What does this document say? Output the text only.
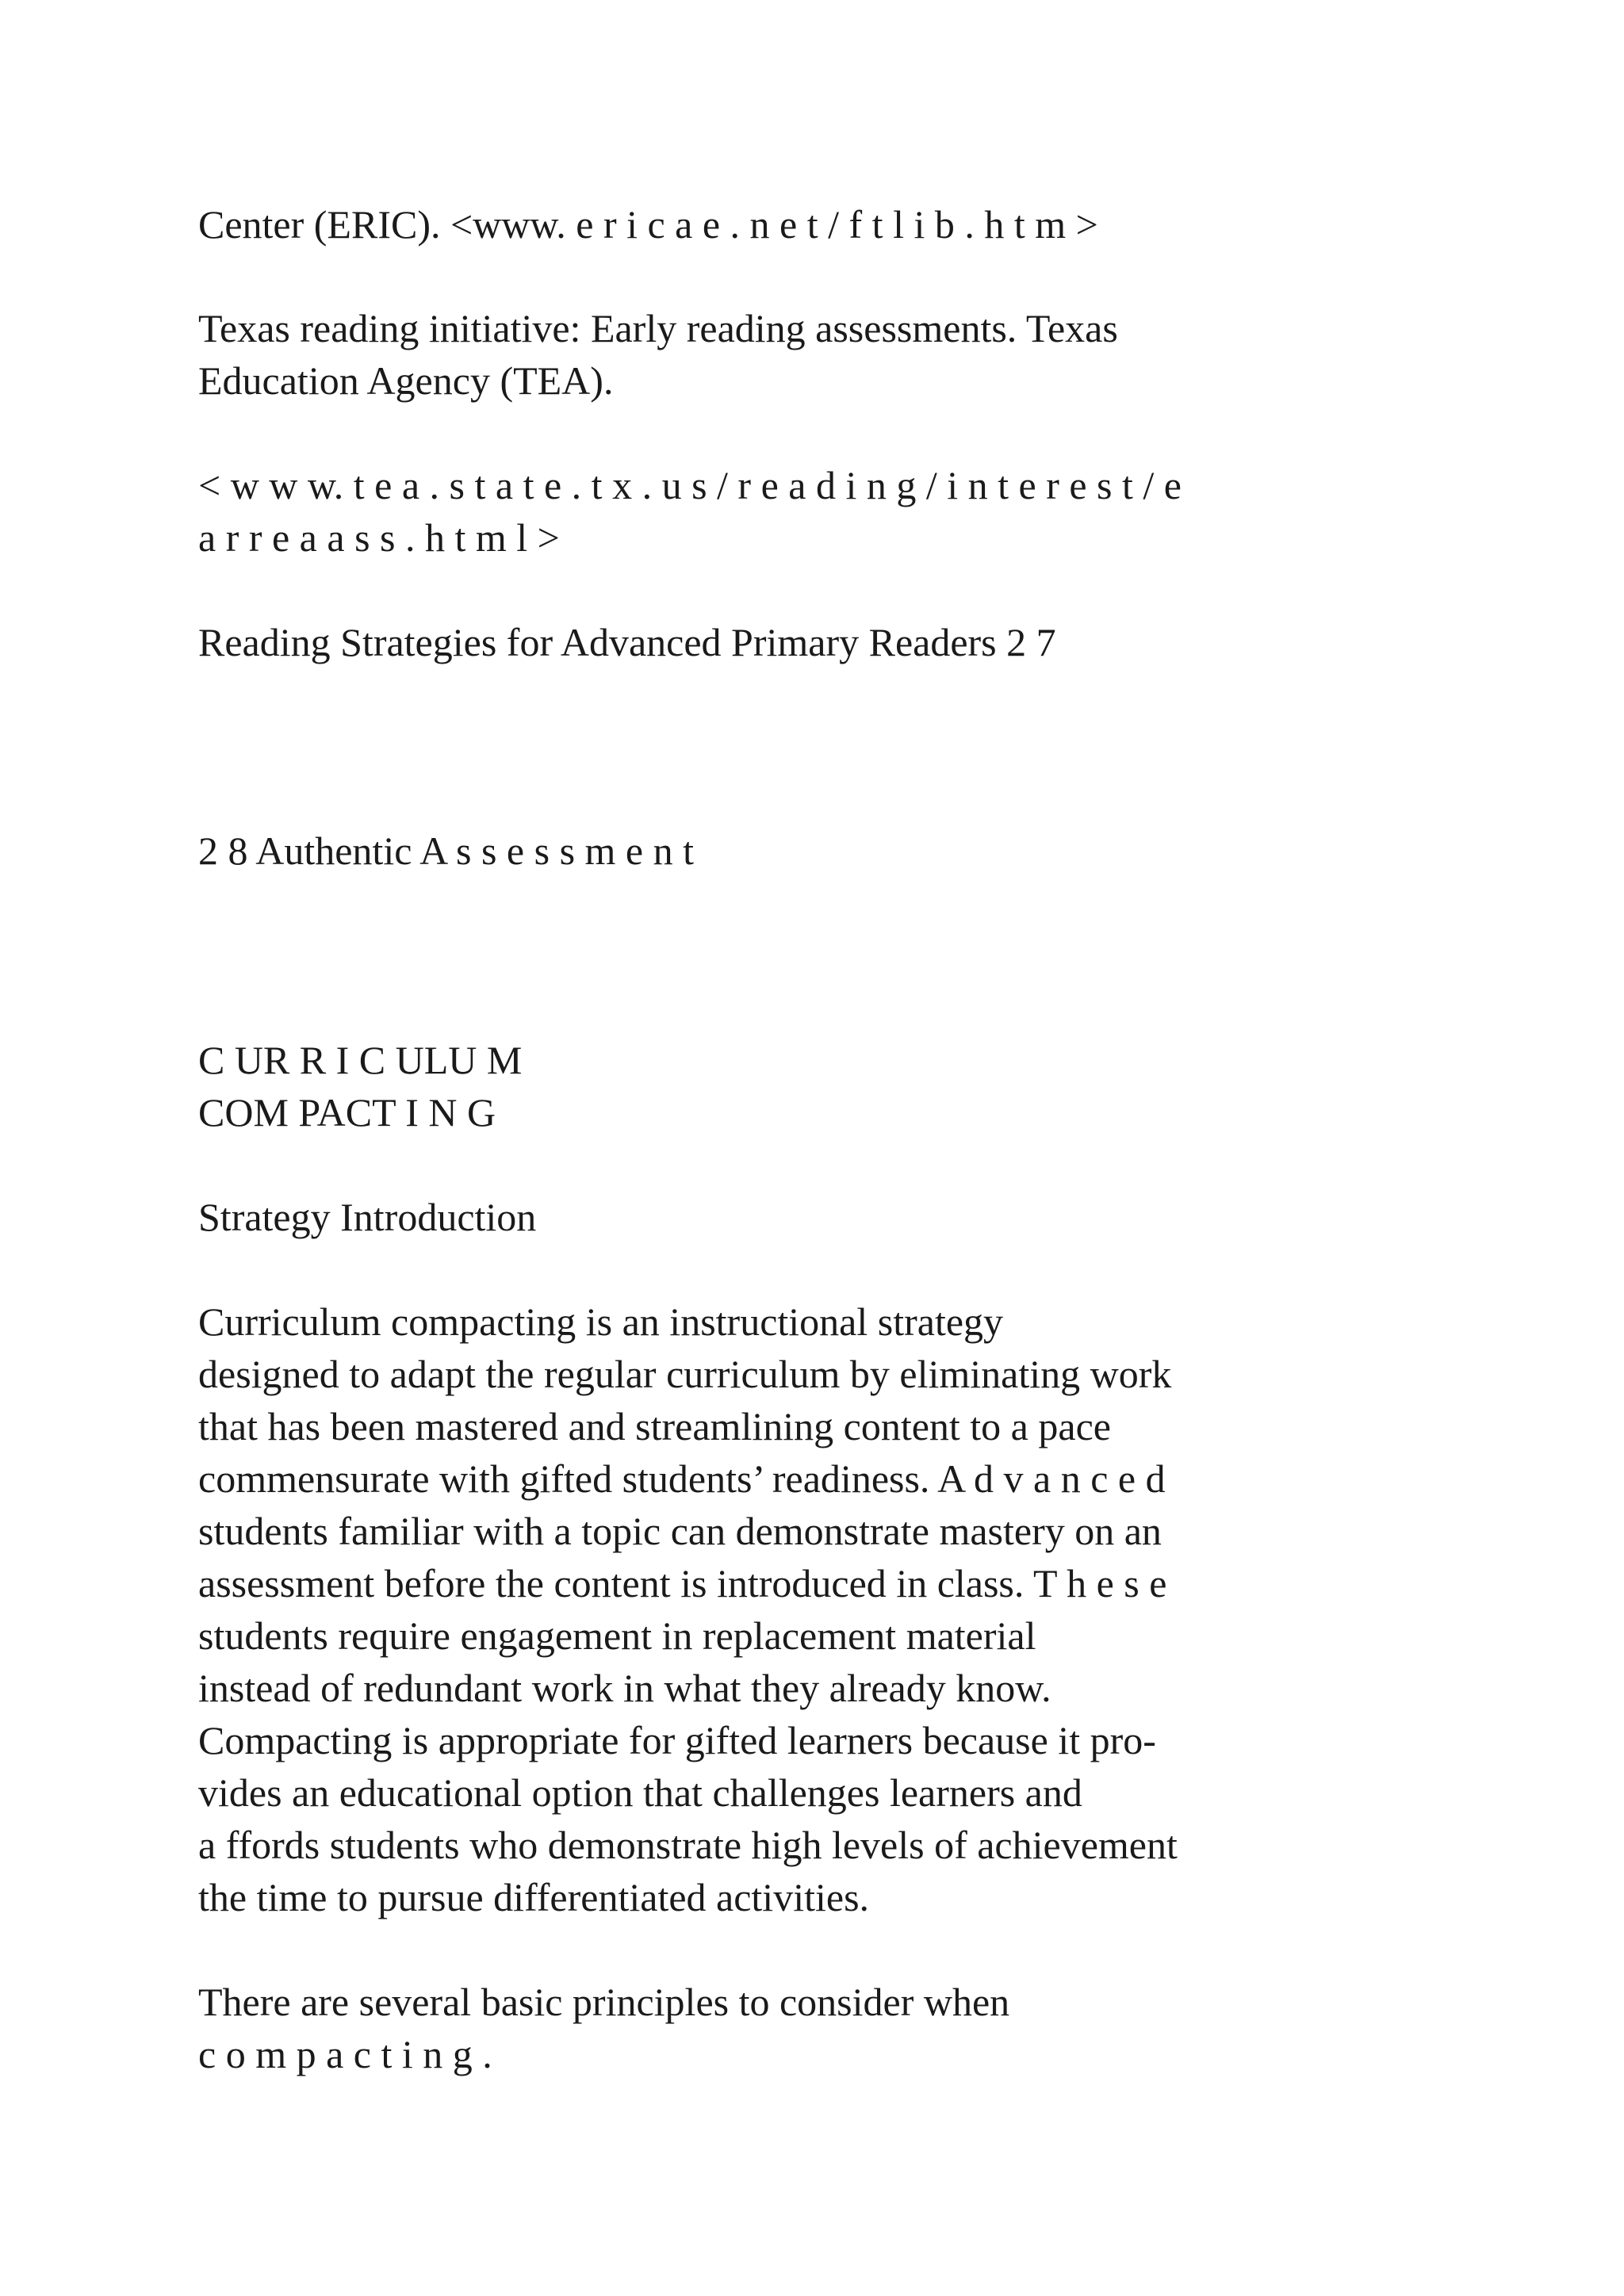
Center (ERIC). <www. e r i c a e . n e t / f t l i b . h t m >

Texas reading initiative: Early reading assessments. Texas

Education Agency (TEA).

< w w w. t e a . s t a t e . t x . u s / r e a d i n g / i n t e r e s t / e

a r r e a a s s . h t m l >

Reading Strategies for Advanced Primary Readers 2 7

2 8 Authentic A s s e s s m e n t

C UR R I C ULU M

COM PACT I N G

Strategy Introduction

Curriculum compacting is an instructional strategy

designed to adapt the regular curriculum by eliminating work

that has been mastered and streamlining content to a pace

commensurate with gifted students’ readiness. A d v a n c e d

students familiar with a topic can demonstrate mastery on an

assessment before the content is introduced in class. T h e s e

students require engagement in replacement material

instead of redundant work in what they already know.

Compacting is appropriate for gifted learners because it pro-

vides an educational option that challenges learners and

a ffords students who demonstrate high levels of achievement

the time to pursue differentiated activities.

There are several basic principles to consider when

c o m p a c t i n g .
